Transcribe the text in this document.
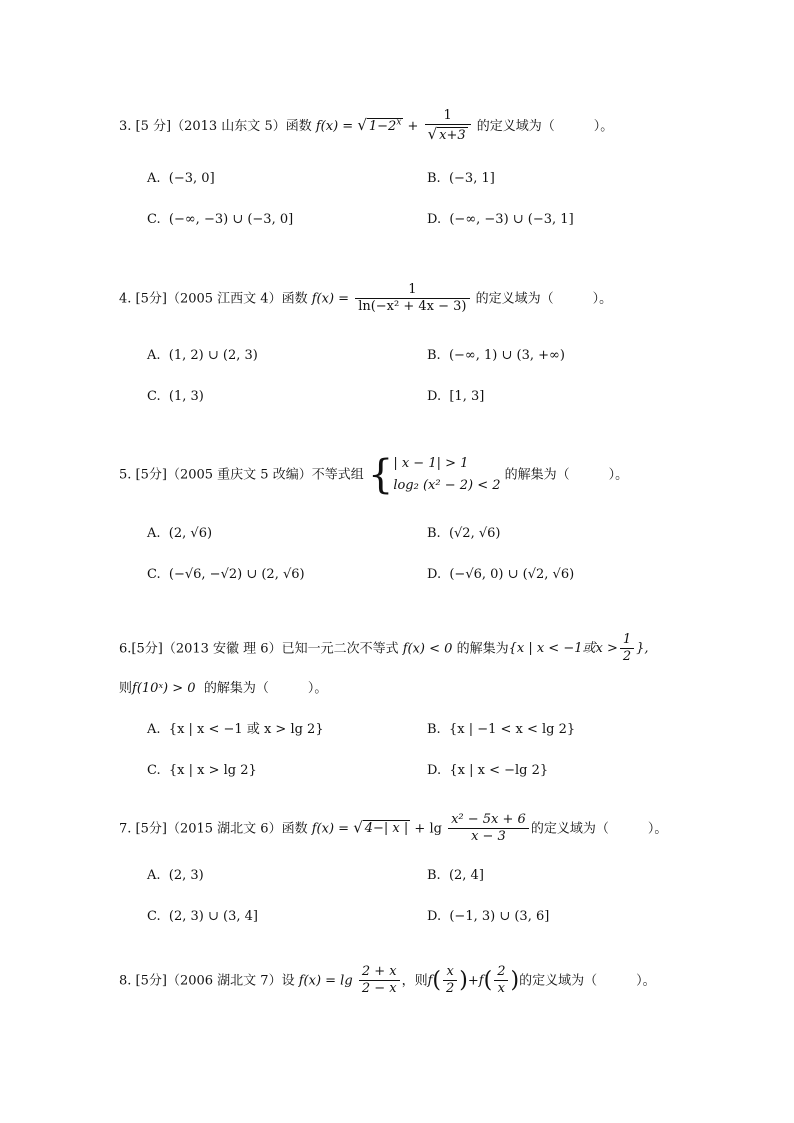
3. [5 分]（2013 山东文 5）函数 f(x) = √ $1-2^x + \frac{1}{√ x+3}$ 的定义域为（　　　）。
A. (−3, 0]	B. (−3, 1]
C. (−∞, −3) ∪ (−3, 0]	D. (−∞, −3) ∪ (−3, 1]
4. [5分]（2005 江西文 4）函数 $f(x) = \frac{1}{\text{ln(−x² + 4x − 3)}}$ 的定义域为（　　　）。
A. (1, 2) ∪ (2, 3)	B. (−∞, 1) ∪ (3, +∞)
C. (1, 3)	D. [1, 3]
5. [5分]（2005 重庆文 5 改编）不等式组 { | x − 1| > 1
log₂ (x² − 2) < 2
的解集为（　　　）。
A. (2, √6)	B. (√2, √6)
C. (−√6, −√2) ∪ (2, √6)	D. (−√6, 0) ∪ (√2, √6)
6.[5分]（2013 安徽 理 6）已知一元二次不等式 f(x) < 0 的解集为{x | x < −1或$x > \frac{1}{2}$ },
则f(10ˣ) > 0 的解集为（　　　）。
A. {x | x < −1 或 x > lg 2}	B. {x | −1 < x < lg 2}
C. {x | x > lg 2}	D. {x | x < −lg 2}
7. [5分]（2015 湖北文 6）函数 f(x) = √ 4−| x | + $\lg \frac{\text{x² − 5x + 6}}{x - 3}$ 的定义域为（　　　）。
A. (2, 3)	B. (2, 4]
C. (2, 3) ∪ (3, 4]	D. (−1, 3) ∪ (3, 6]
8. [5分]（2006 湖北文 7）设 $f(x) = \lg \frac{2 + x}{2 - x}$ ，则$f( \frac{x}{2} )+f( \frac{2}{x}$ )的定义域为（　　　）。
